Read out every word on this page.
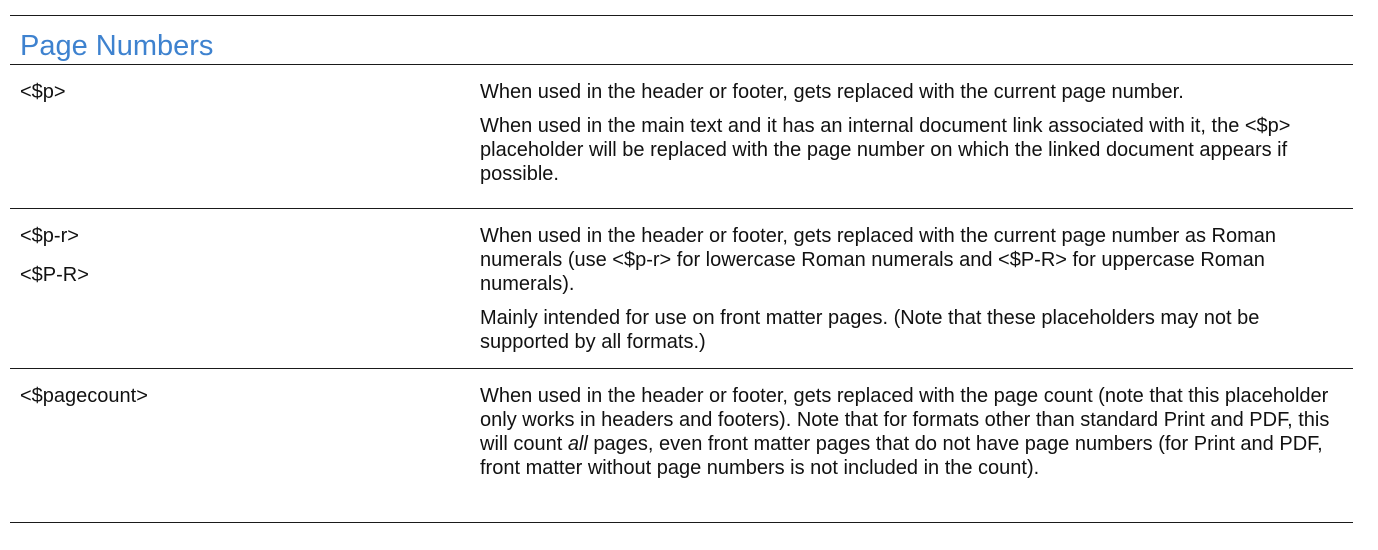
Page Numbers
<$p>	When used in the header or footer, gets replaced with the current page number.
When used in the main text and it has an internal document link associated with it, the <$p> placeholder will be replaced with the page number on which the linked document appears if possible.
<$p-r>
<$P-R>
When used in the header or footer, gets replaced with the current page number as Roman numerals (use <$p-r> for lowercase Roman numerals and <$P-R> for uppercase Roman numerals).
Mainly intended for use on front matter pages. (Note that these placeholders may not be supported by all formats.)
<$pagecount>	When used in the header or footer, gets replaced with the page count (note that this placeholder only works in headers and footers). Note that for formats other than standard Print and PDF, this will count all pages, even front matter pages that do not have page numbers (for Print and PDF, front matter without page numbers is not included in the count).
